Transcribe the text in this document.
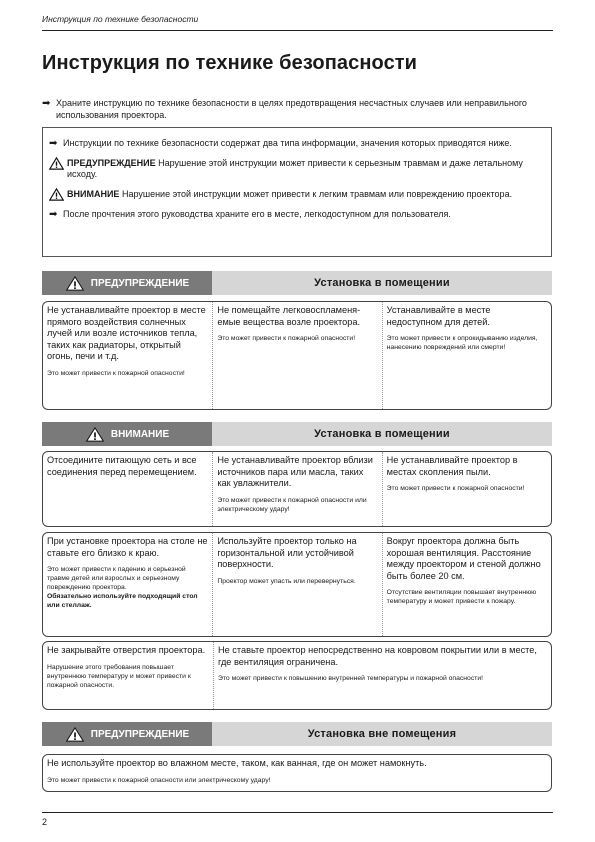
Инструкция по технике безопасности
Инструкция по технике безопасности
➡ Храните инструкцию по технике безопасности в целях предотвращения несчастных случаев или неправильного использования проектора.
➡ Инструкции по технике безопасности содержат два типа информации, значения которых приводятся ниже.
ПРЕДУПРЕЖДЕНИЕ Нарушение этой инструкции может привести к серьезным травмам и даже летальному исходу.
ВНИМАНИЕ Нарушение этой инструкции может привести к легким травмам или повреждению проектора.
➡ После прочтения этого руководства храните его в месте, легкодоступном для пользователя.
ПРЕДУПРЕЖДЕНИЕ	Установка в помещении

Не устанавливайте проектор в месте прямого воздействия солнечных лучей или возле источников тепла, таких как радиаторы, открытый огонь, печи и т.д.

Это может привести к пожарной опасности!

Не помещайте легковоспламеня-емые вещества возле проектора.

Это может привести к пожарной опасности!

Устанавливайте в месте недоступном для детей.

Это может привести к опрокидыванию изделия, нанесению повреждений или смерти!

ВНИМАНИЕ	Установка в помещении

Отсоедините питающую сеть и все соединения перед перемещением.

Не устанавливайте проектор вблизи источников пара или масла, таких как увлажнители.

Это может привести к пожарной опасности или электрическому удару!

Не устанавливайте проектор в местах скопления пыли.

Это может привести к пожарной опасности!

При установке проектора на столе не ставьте его близко к краю.

Это может привести к падению и серьезной травме детей или взрослых и серьезному повреждению проектора.

Обязательно используйте подходящий стол или стеллаж.

Используйте проектор только на горизонтальной или устойчивой поверхности.

Проектор может упасть или перевернуться.

Вокруг проектора должна быть хорошая вентиляция. Расстояние между проектором и стеной должно быть более 20 см.

Отсутствие вентиляции повышает внутреннюю температуру и может привести к пожару.

Не закрывайте отверстия проектора.

Нарушение этого требования повышает внутреннюю температуру и может привести к пожарной опасности.

Не ставьте проектор непосредственно на ковровом покрытии или в месте, где вентиляция ограничена.

Это может привести к повышению внутренней температуры и пожарной опасности!

ПРЕДУПРЕЖДЕНИЕ	Установка вне помещения

Не используйте проектор во влажном месте, таком, как ванная, где он может намокнуть.

Это может привести к пожарной опасности или электрическому удару!

2
